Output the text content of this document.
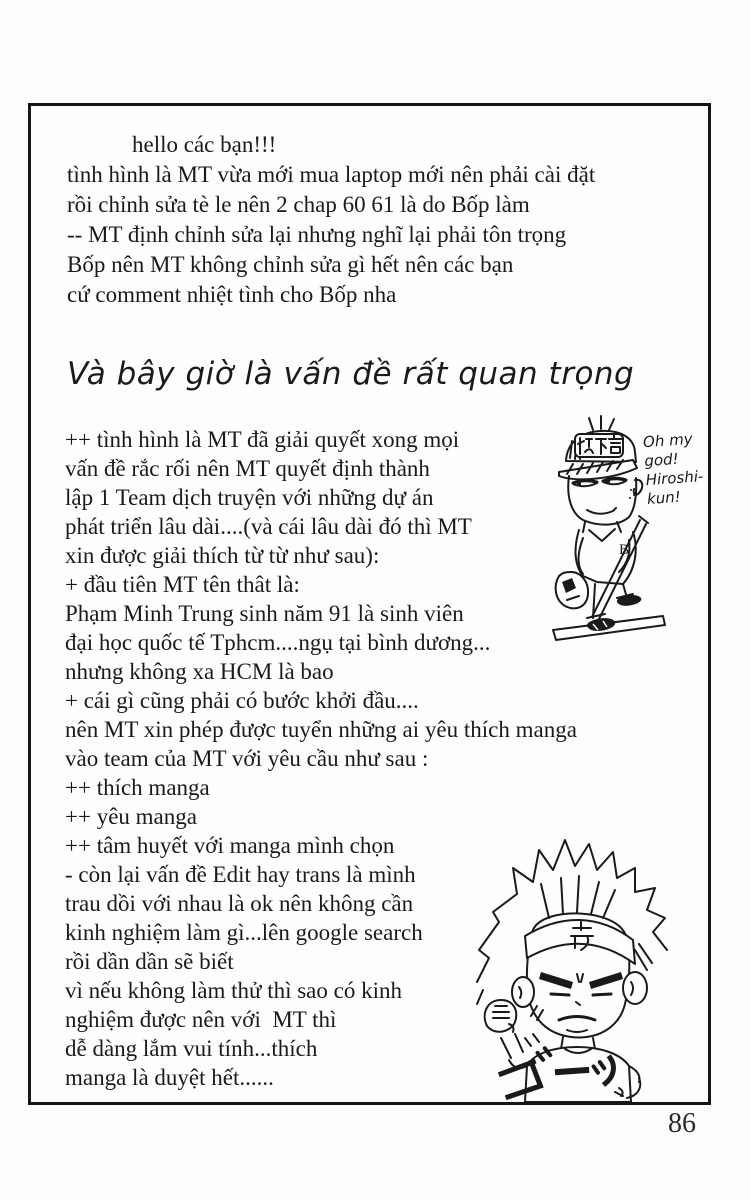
hello các bạn!!!
tình hình là MT vừa mới mua laptop mới nên phải cài đặt
rồi chỉnh sửa tè le nên 2 chap 60 61 là do Bốp làm
-- MT định chỉnh sửa lại nhưng nghĩ lại phải tôn trọng
Bốp nên MT không chỉnh sửa gì hết nên các bạn
cứ comment nhiệt tình cho Bốp nha
Và bây giờ là vấn đề rất quan trọng
++ tình hình là MT đã giải quyết xong mọi
vấn đề rắc rối nên MT quyết định thành
lập 1 Team dịch truyện với những dự án
phát triển lâu dài....(và cái lâu dài đó thì MT
xin được giải thích từ từ như sau):
+ đầu tiên MT tên thât là:
Phạm Minh Trung sinh năm 91 là sinh viên
đại học quốc tế Tphcm....ngụ tại bình dương...
nhưng không xa HCM là bao
+ cái gì cũng phải có bước khởi đầu....
nên MT xin phép được tuyển những ai yêu thích manga
vào team của MT với yêu cầu như sau :
++ thích manga
++ yêu manga
++ tâm huyết với manga mình chọn
- còn lại vấn đề Edit hay trans là mình
trau dồi với nhau là ok nên không cần
kinh nghiệm làm gì...lên google search
rồi dần dần sẽ biết
vì nếu không làm thử thì sao có kinh
nghiệm được nên với  MT thì
dễ dàng lắm vui tính...thích
manga là duyệt hết......
B
Oh my
god!
Hiroshi-
kun!
86
